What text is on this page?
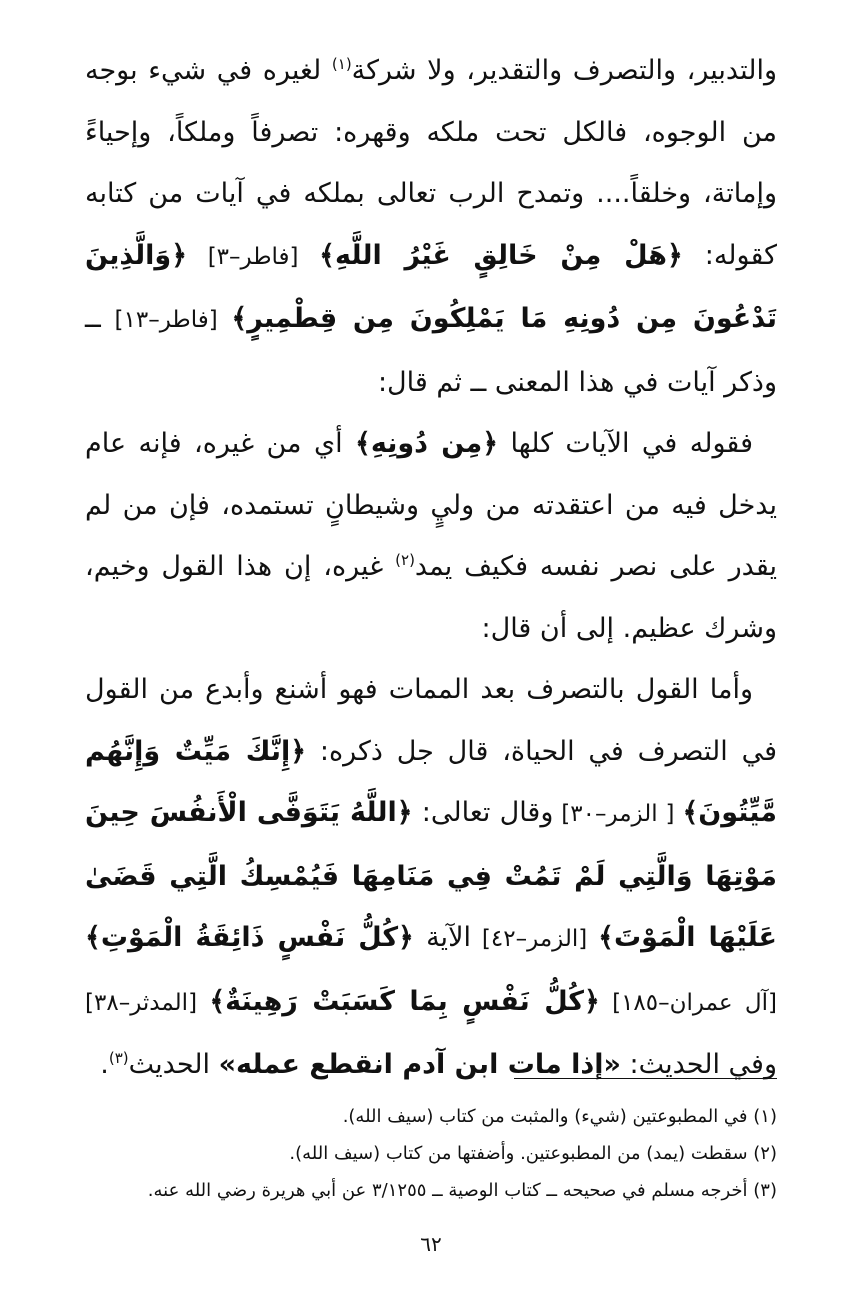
والتدبير، والتصرف والتقدير، ولا شركة$^{(١)}$ لغيره في شيء بوجه من الوجوه، فالكل تحت ملكه وقهره: تصرفاً وملكاً، وإحياءً وإماتة، وخلقاً.... وتمدح الرب تعالى بملكه في آيات من كتابه كقوله: ﴿هَلْ مِنْ خَالِقٍ غَيْرُ اللَّهِ﴾ [فاطر–٣] ﴿وَالَّذِينَ تَدْعُونَ مِن دُونِهِ مَا يَمْلِكُونَ مِن قِطْمِيرٍ﴾ [فاطر–١٣] ــ وذكر آيات في هذا المعنى ــ ثم قال:

فقوله في الآيات كلها ﴿مِن دُونِهِ﴾ أي من غيره، فإنه عام يدخل فيه من اعتقدته من وليٍ وشيطانٍ تستمده، فإن من لم يقدر على نصر نفسه فكيف يمد$^{(٢)}$ غيره، إن هذا القول وخيم، وشرك عظيم. إلى أن قال:

وأما القول بالتصرف بعد الممات فهو أشنع وأبدع من القول في التصرف في الحياة، قال جل ذكره: ﴿إِنَّكَ مَيِّتٌ وَإِنَّهُم مَّيِّتُونَ﴾ [ الزمر–٣٠] وقال تعالى: ﴿اللَّهُ يَتَوَفَّى الْأَنفُسَ حِينَ مَوْتِهَا وَالَّتِي لَمْ تَمُتْ فِي مَنَامِهَا فَيُمْسِكُ الَّتِي قَضَىٰ عَلَيْهَا الْمَوْتَ﴾ [الزمر–٤٢] الآية ﴿كُلُّ نَفْسٍ ذَائِقَةُ الْمَوْتِ﴾ [آل عمران–١٨٥] ﴿كُلُّ نَفْسٍ بِمَا كَسَبَتْ رَهِينَةٌ﴾ [المدثر–٣٨] وفي الحديث: «إذا مات ابن آدم انقطع عمله» الحديث$^{(٣)}$.

(١) في المطبوعتين (شيء) والمثبت من كتاب (سيف الله).

(٢) سقطت (يمد) من المطبوعتين. وأضفتها من كتاب (سيف الله).

(٣) أخرجه مسلم في صحيحه ــ كتاب الوصية ــ ٣/١٢٥٥ عن أبي هريرة رضي الله عنه.

٦٢
